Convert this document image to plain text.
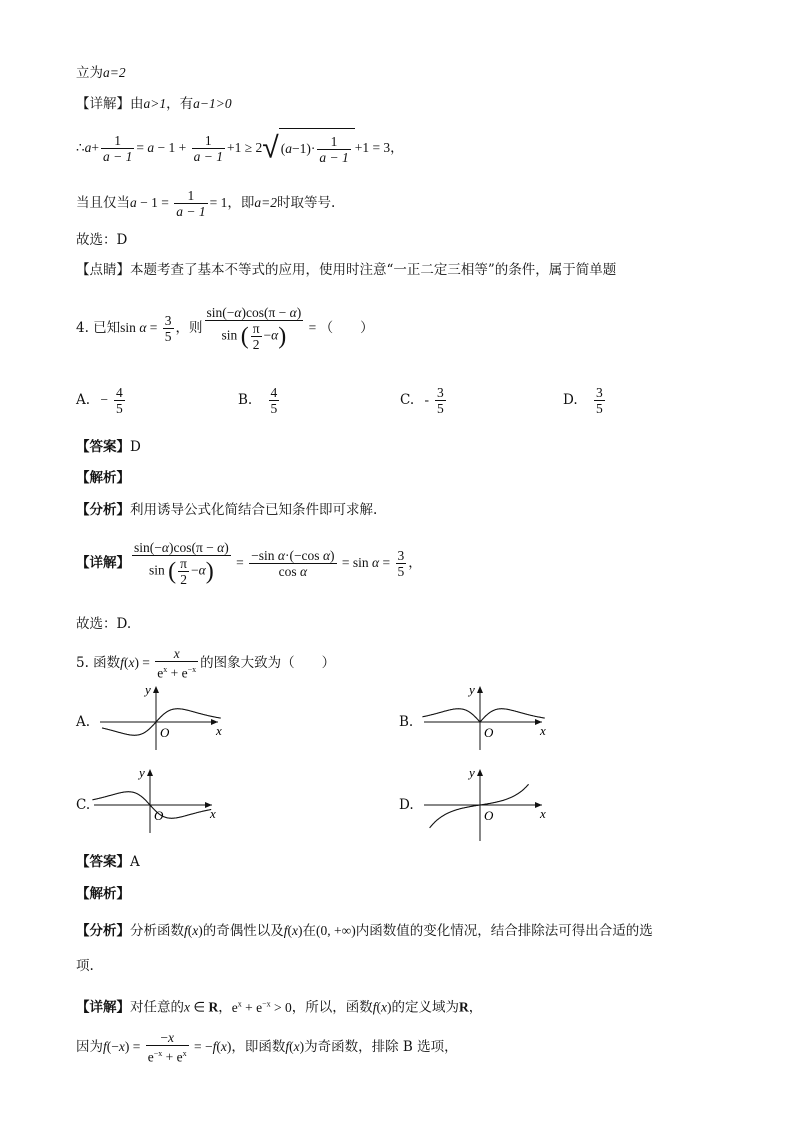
立为a=2
【详解】由a>1，有a−1>0
∴a+ $\frac{1}{a - 1} = a - 1 + \frac{1}{a - 1} +1 \ge 2√$ $(a-1)\cdot \frac{1}{a - 1} +1 = 3$，
当且仅当$a - 1 = \frac{1}{a - 1} = 1$，即a=2时取等号.
故选：D
【点睛】本题考查了基本不等式的应用，使用时注意“一正二定三相等”的条件，属于简单题
4. 已知$\sin \alpha = \frac{3}{5}$ ，则 $\frac{\sin(-\alpha)\cos(\pi - \alpha)}{\sin ( \frac{\pi}{2} -\alpha)}$ = （　　）
A. − $\frac{4}{5}$	B. $\frac{4}{5}$	C. - $\frac{3}{5}$	D. $\frac{3}{5}$
【答案】D
【解析】
【分析】利用诱导公式化简结合已知条件即可求解.
【详解】 $\frac{\sin(-\alpha)\cos(\pi - \alpha)}{\sin ( \frac{\pi}{2} -\alpha)} = \frac{\text{−sin α·(−cos α)}}{\text{cos α}} = \sin \alpha = \frac{3}{5}$ ，
故选：D.
5. 函数$f(x) = \frac{x}{e^x + e^{-x}}$ 的图象大致为（　　）
A.	B.
C.	D.
x
y
O	x
y
O
x
y
O	x
y
O
【答案】A
【解析】
【分析】分析函数f(x)的奇偶性以及f(x)在(0, +∞)内函数值的变化情况，结合排除法可得出合适的选
项.
【详解】对任意的x ∈ R，$e^x + e^{-x} > 0$，所以，函数f(x)的定义域为R，
因为$f(-x) = \frac{-x}{e^{-x} + e^x} = -f(x)$，即函数f(x)为奇函数，排除 B 选项，
